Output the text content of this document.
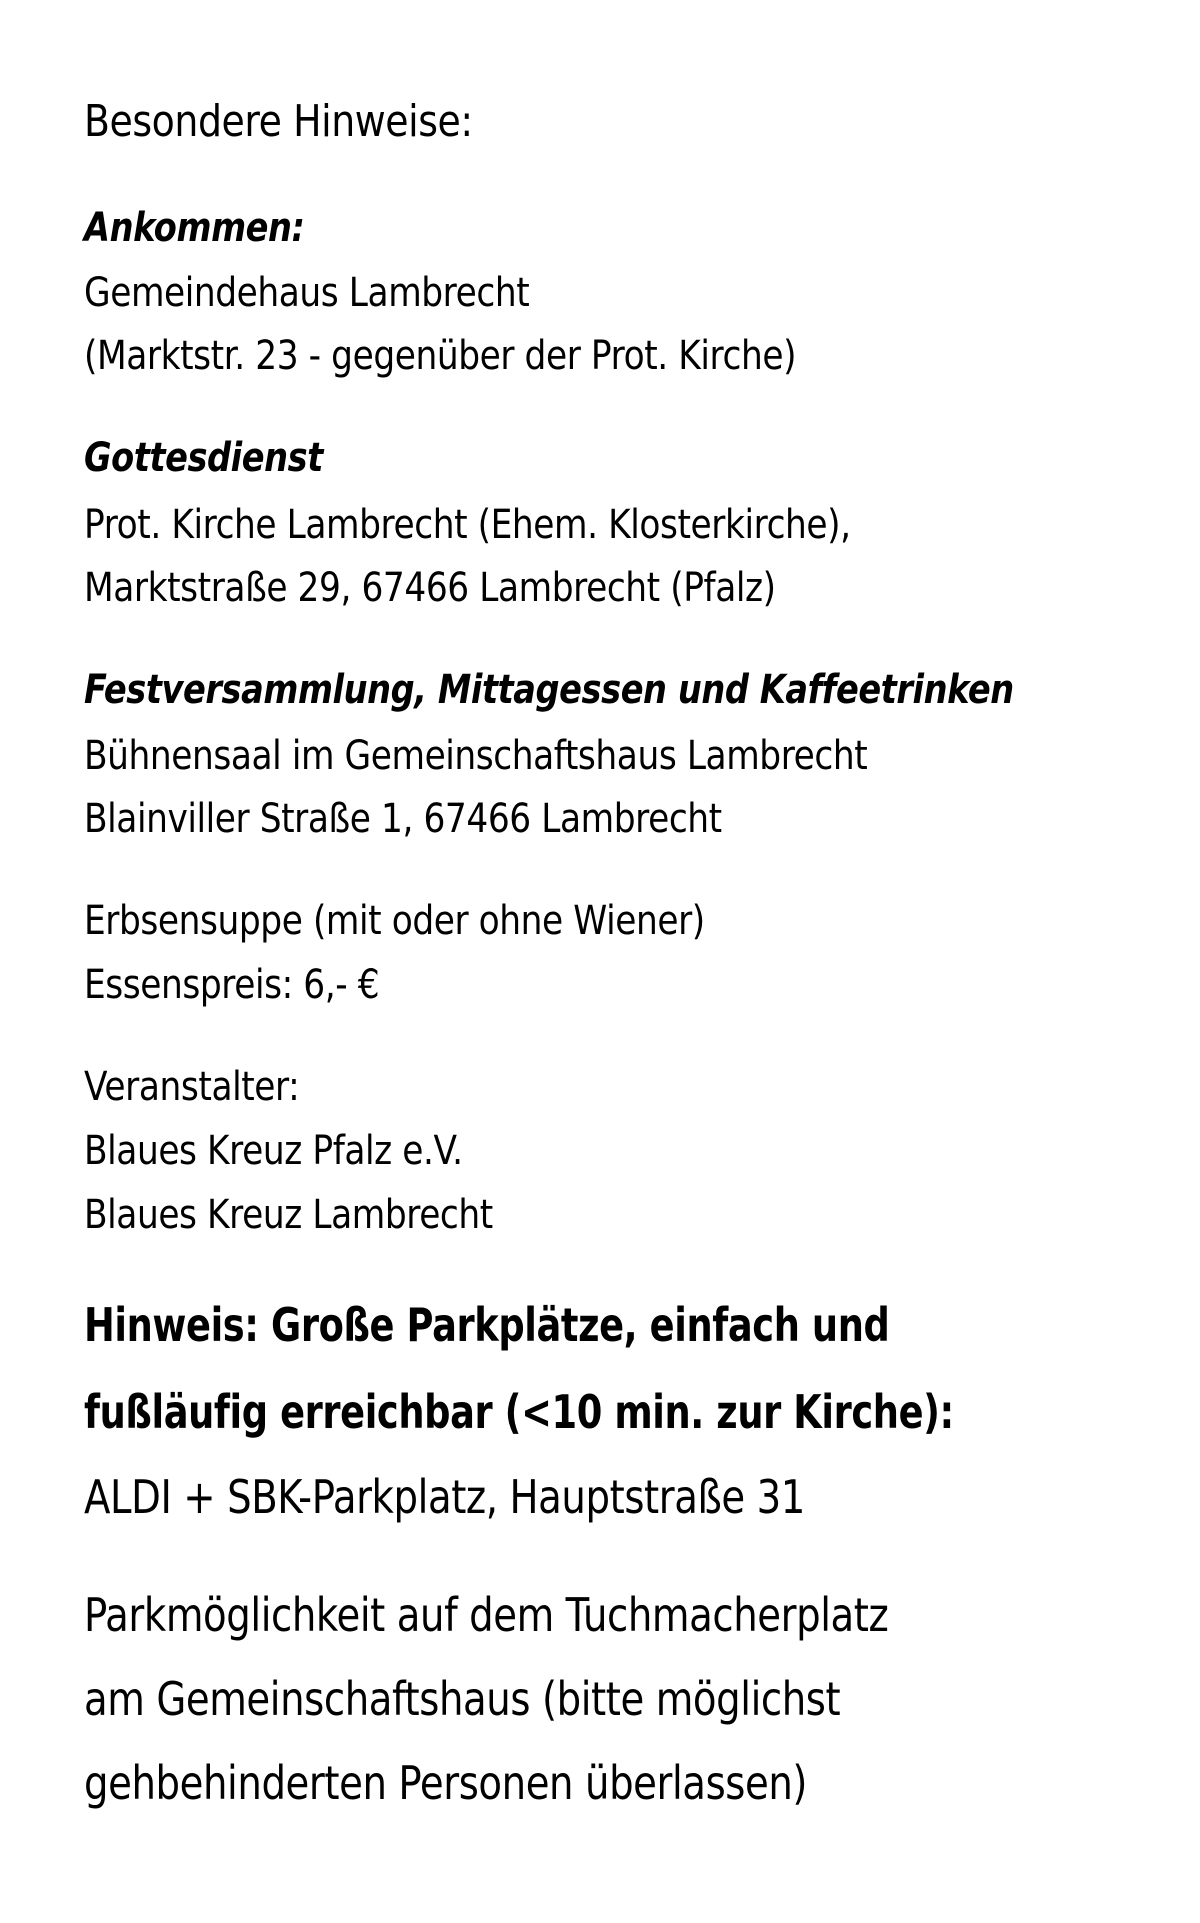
Besondere Hinweise:
Ankommen:
Gemeindehaus Lambrecht
(Marktstr. 23 - gegenüber der Prot. Kirche)
Gottesdienst
Prot. Kirche Lambrecht (Ehem. Klosterkirche),
Marktstraße 29, 67466 Lambrecht (Pfalz)
Festversammlung, Mittagessen und Kaffeetrinken
Bühnensaal im Gemeinschaftshaus Lambrecht
Blainviller Straße 1, 67466 Lambrecht
Erbsensuppe (mit oder ohne Wiener)
Essenspreis: 6,- €
Veranstalter:
Blaues Kreuz Pfalz e.V.
Blaues Kreuz Lambrecht
Hinweis: Große Parkplätze, einfach und
fußläufig erreichbar (<10 min. zur Kirche):
ALDI + SBK-Parkplatz, Hauptstraße 31
Parkmöglichkeit auf dem Tuchmacherplatz
am Gemeinschaftshaus (bitte möglichst
gehbehinderten Personen überlassen)
